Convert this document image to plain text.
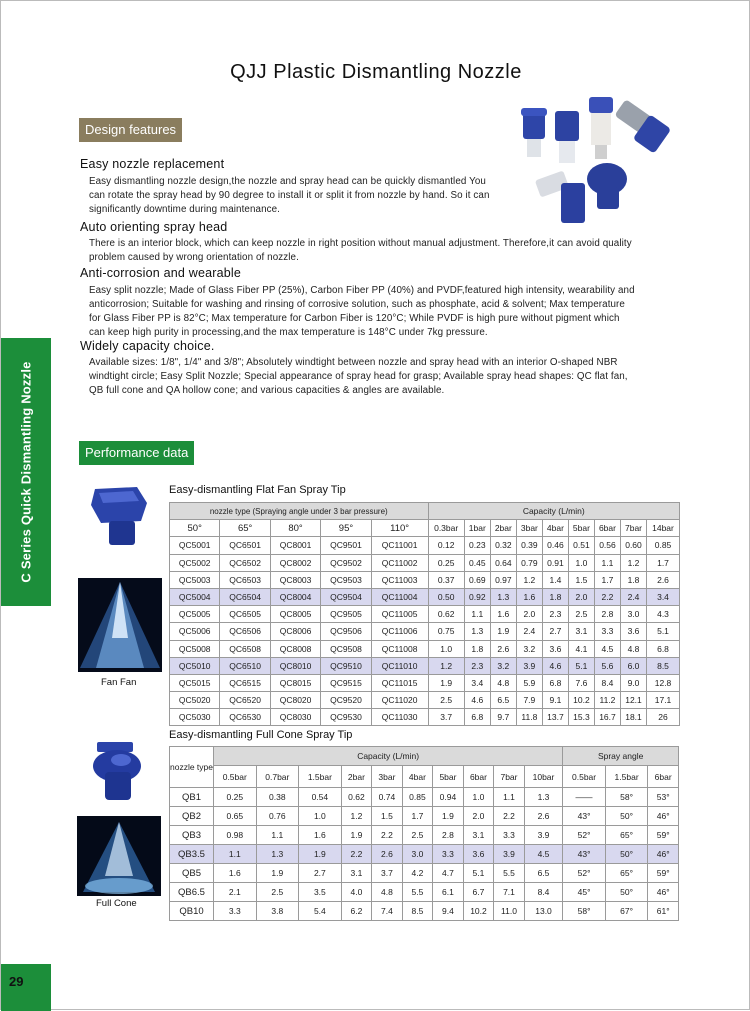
QJJ Plastic Dismantling Nozzle
Design features
Easy nozzle replacement
Easy dismantling nozzle design,the nozzle and spray head can be quickly dismantled You
can rotate the spray head by 90 degree to install it or split it from nozzle by hand. So it can
significantly downtime during maintenance.
Auto orienting spray head
There is an interior block, which can keep nozzle in right position without manual adjustment. Therefore,it can avoid quality
problem caused by wrong orientation of nozzle.
Anti-corrosion and wearable
Easy split nozzle; Made of Glass Fiber PP (25%), Carbon Fiber PP (40%) and PVDF,featured high intensity, wearability and
anticorrosion; Suitable for washing and rinsing of corrosive solution, such as phosphate, acid & solvent; Max temperature
for Glass Fiber PP is 82°C; Max temperature for Carbon Fiber is 120°C; While PVDF is high pure without pigment which
can keep high purity in processing,and the max temperature is 148°C under 7kg pressure.
Widely capacity choice.
Available sizes: 1/8", 1/4" and 3/8"; Absolutely windtight between nozzle and spray head with an interior O-shaped NBR
windtight circle; Easy Split Nozzle; Special appearance of spray head for grasp; Available spray head shapes: QC flat fan,
QB full cone and QA hollow cone; and various capacities & angles are available.
C Series Quick Dismantling Nozzle	Performance data
Easy-dismantling Flat Fan Spray Tip
Fan Fan
nozzle type (Spraying angle under 3 bar pressure)					Capacity (L/min)								
50°	65°	80°	95°	110°	0.3bar	1bar	2bar	3bar	4bar	5bar	6bar	7bar	14bar
QC5001	QC6501	QC8001	QC9501	QC11001	0.12	0.23	0.32	0.39	0.46	0.51	0.56	0.60	0.85
QC5002	QC6502	QC8002	QC9502	QC11002	0.25	0.45	0.64	0.79	0.91	1.0	1.1	1.2	1.7
QC5003	QC6503	QC8003	QC9503	QC11003	0.37	0.69	0.97	1.2	1.4	1.5	1.7	1.8	2.6
QC5004	QC6504	QC8004	QC9504	QC11004	0.50	0.92	1.3	1.6	1.8	2.0	2.2	2.4	3.4
QC5005	QC6505	QC8005	QC9505	QC11005	0.62	1.1	1.6	2.0	2.3	2.5	2.8	3.0	4.3
QC5006	QC6506	QC8006	QC9506	QC11006	0.75	1.3	1.9	2.4	2.7	3.1	3.3	3.6	5.1
QC5008	QC6508	QC8008	QC9508	QC11008	1.0	1.8	2.6	3.2	3.6	4.1	4.5	4.8	6.8
QC5010	QC6510	QC8010	QC9510	QC11010	1.2	2.3	3.2	3.9	4.6	5.1	5.6	6.0	8.5
QC5015	QC6515	QC8015	QC9515	QC11015	1.9	3.4	4.8	5.9	6.8	7.6	8.4	9.0	12.8
QC5020	QC6520	QC8020	QC9520	QC11020	2.5	4.6	6.5	7.9	9.1	10.2	11.2	12.1	17.1
QC5030	QC6530	QC8030	QC9530	QC11030	3.7	6.8	9.7	11.8	13.7	15.3	16.7	18.1	26
Easy-dismantling Full Cone Spray Tip
Full Cone
nozzle type	Capacity (L/min)										Spray angle		
	0.5bar	0.7bar	1.5bar	2bar	3bar	4bar	5bar	6bar	7bar	10bar	0.5bar	1.5bar	6bar
QB1	0.25	0.38	0.54	0.62	0.74	0.85	0.94	1.0	1.1	1.3	——	58°	53°
QB2	0.65	0.76	1.0	1.2	1.5	1.7	1.9	2.0	2.2	2.6	43°	50°	46°
QB3	0.98	1.1	1.6	1.9	2.2	2.5	2.8	3.1	3.3	3.9	52°	65°	59°
QB3.5	1.1	1.3	1.9	2.2	2.6	3.0	3.3	3.6	3.9	4.5	43°	50°	46°
QB5	1.6	1.9	2.7	3.1	3.7	4.2	4.7	5.1	5.5	6.5	52°	65°	59°
QB6.5	2.1	2.5	3.5	4.0	4.8	5.5	6.1	6.7	7.1	8.4	45°	50°	46°
QB10	3.3	3.8	5.4	6.2	7.4	8.5	9.4	10.2	11.0	13.0	58°	67°	61°
29
